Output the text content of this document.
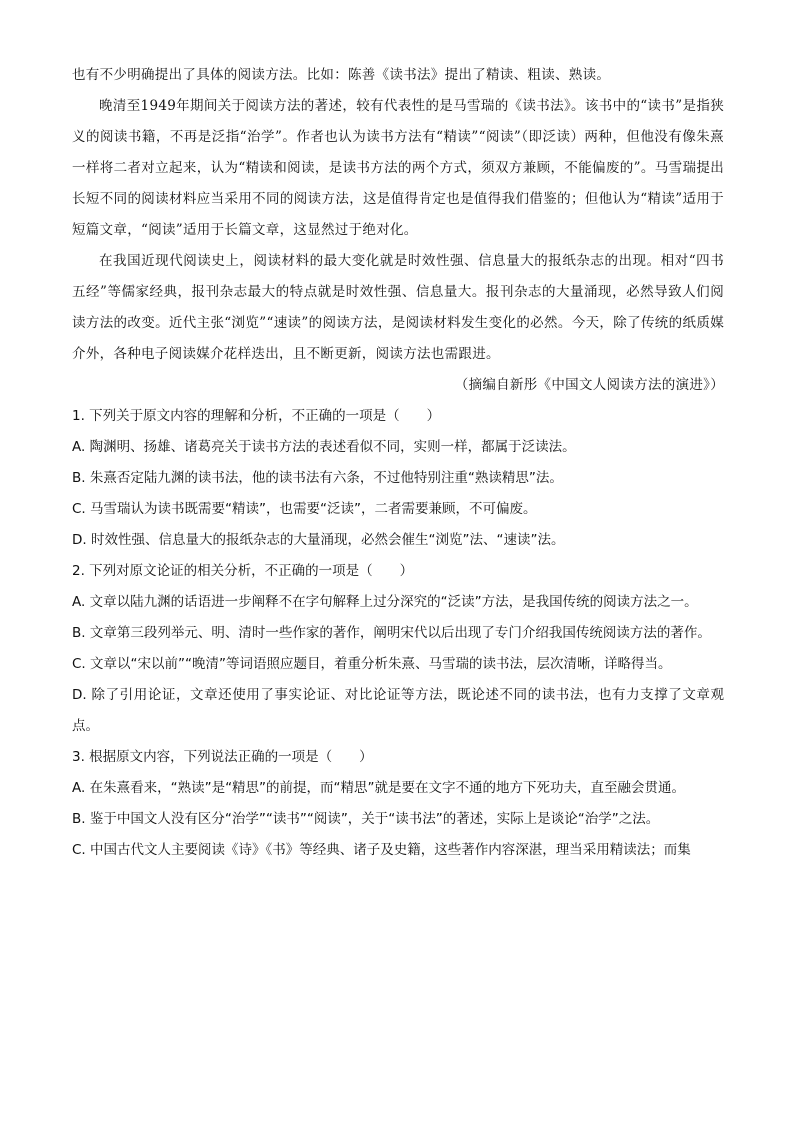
也有不少明确提出了具体的阅读方法。比如：陈善《读书法》提出了精读、粗读、熟读。

晚清至1949年期间关于阅读方法的著述，较有代表性的是马雪瑞的《读书法》。该书中的“读书”是指狭义的阅读书籍，不再是泛指“治学”。作者也认为读书方法有“精读”“阅读”（即泛读）两种，但他没有像朱熹一样将二者对立起来，认为“精读和阅读，是读书方法的两个方式，须双方兼顾，不能偏废的”。马雪瑞提出长短不同的阅读材料应当采用不同的阅读方法，这是值得肯定也是值得我们借鉴的；但他认为“精读”适用于短篇文章，“阅读”适用于长篇文章，这显然过于绝对化。

在我国近现代阅读史上，阅读材料的最大变化就是时效性强、信息量大的报纸杂志的出现。相对“四书五经”等儒家经典，报刊杂志最大的特点就是时效性强、信息量大。报刊杂志的大量涌现，必然导致人们阅读方法的改变。近代主张“浏览”“速读”的阅读方法，是阅读材料发生变化的必然。今天，除了传统的纸质媒介外，各种电子阅读媒介花样迭出，且不断更新，阅读方法也需跟进。

（摘编自新彤《中国文人阅读方法的演进》）

1. 下列关于原文内容的理解和分析，不正确的一项是（　　）

A. 陶渊明、扬雄、诸葛亮关于读书方法的表述看似不同，实则一样，都属于泛读法。

B. 朱熹否定陆九渊的读书法，他的读书法有六条，不过他特别注重“熟读精思”法。

C. 马雪瑞认为读书既需要“精读”，也需要“泛读”，二者需要兼顾，不可偏废。

D. 时效性强、信息量大的报纸杂志的大量涌现，必然会催生“浏览”法、“速读”法。

2. 下列对原文论证的相关分析，不正确的一项是（　　）

A. 文章以陆九渊的话语进一步阐释不在字句解释上过分深究的“泛读”方法，是我国传统的阅读方法之一。

B. 文章第三段列举元、明、清时一些作家的著作，阐明宋代以后出现了专门介绍我国传统阅读方法的著作。

C. 文章以“宋以前”“晚清”等词语照应题目，着重分析朱熹、马雪瑞的读书法，层次清晰，详略得当。

D. 除了引用论证，文章还使用了事实论证、对比论证等方法，既论述不同的读书法，也有力支撑了文章观点。

3. 根据原文内容，下列说法正确的一项是（　　）

A. 在朱熹看来，“熟读”是“精思”的前提，而“精思”就是要在文字不通的地方下死功夫，直至融会贯通。

B. 鉴于中国文人没有区分“治学”“读书”“阅读”，关于“读书法”的著述，实际上是谈论“治学”之法。

C. 中国古代文人主要阅读《诗》《书》等经典、诸子及史籍，这些著作内容深湛，理当采用精读法；而集
